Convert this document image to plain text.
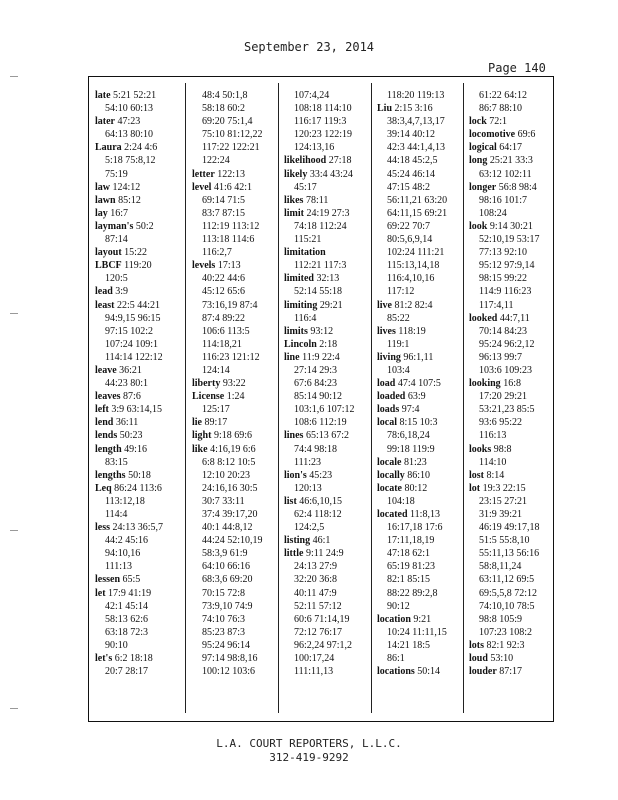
September 23, 2014
Page 140
late 5:21 52:21
54:10 60:13
later 47:23
64:13 80:10
Laura 2:24 4:6
5:18 75:8,12
75:19
law 124:12
lawn 85:12
lay 16:7
layman's 50:2
87:14
layout 15:22
LBCF 119:20
120:5
lead 3:9
least 22:5 44:21
94:9,15 96:15
97:15 102:2
107:24 109:1
114:14 122:12
leave 36:21
44:23 80:1
leaves 87:6
left 3:9 63:14,15
lend 36:11
lends 50:23
length 49:16
83:15
lengths 50:18
Leq 86:24 113:6
113:12,18
114:4
less 24:13 36:5,7
44:2 45:16
94:10,16
111:13
lessen 65:5
let 17:9 41:19
42:1 45:14
58:13 62:6
63:18 72:3
90:10
let's 6:2 18:18
20:7 28:17
48:4 50:1,8
58:18 60:2
69:20 75:1,4
75:10 81:12,22
117:22 122:21
122:24
letter 122:13
level 41:6 42:1
69:14 71:5
83:7 87:15
112:19 113:12
113:18 114:6
116:2,7
levels 17:13
40:22 44:6
45:12 65:6
73:16,19 87:4
87:4 89:22
106:6 113:5
114:18,21
116:23 121:12
124:14
liberty 93:22
License 1:24
125:17
lie 89:17
light 9:18 69:6
like 4:16,19 6:6
6:8 8:12 10:5
12:10 20:23
24:16,16 30:5
30:7 33:11
37:4 39:17,20
40:1 44:8,12
44:24 52:10,19
58:3,9 61:9
64:10 66:16
68:3,6 69:20
70:15 72:8
73:9,10 74:9
74:10 76:3
85:23 87:3
95:24 96:14
97:14 98:8,16
100:12 103:6
107:4,24
108:18 114:10
116:17 119:3
120:23 122:19
124:13,16
likelihood 27:18
likely 33:4 43:24
45:17
likes 78:11
limit 24:19 27:3
74:18 112:24
115:21
limitation
112:21 117:3
limited 32:13
52:14 55:18
limiting 29:21
116:4
limits 93:12
Lincoln 2:18
line 11:9 22:4
27:14 29:3
67:6 84:23
85:14 90:12
103:1,6 107:12
108:6 112:19
lines 65:13 67:2
74:4 98:18
111:23
lion's 45:23
120:13
list 46:6,10,15
62:4 118:12
124:2,5
listing 46:1
little 9:11 24:9
24:13 27:9
32:20 36:8
40:11 47:9
52:11 57:12
60:6 71:14,19
72:12 76:17
96:2,24 97:1,2
100:17,24
111:11,13
118:20 119:13
Liu 2:15 3:16
38:3,4,7,13,17
39:14 40:12
42:3 44:1,4,13
44:18 45:2,5
45:24 46:14
47:15 48:2
56:11,21 63:20
64:11,15 69:21
69:22 70:7
80:5,6,9,14
102:24 111:21
115:13,14,18
116:4,10,16
117:12
live 81:2 82:4
85:22
lives 118:19
119:1
living 96:1,11
103:4
load 47:4 107:5
loaded 63:9
loads 97:4
local 8:15 10:3
78:6,18,24
99:18 119:9
locale 81:23
locally 86:10
locate 80:12
104:18
located 11:8,13
16:17,18 17:6
17:11,18,19
47:18 62:1
65:19 81:23
82:1 85:15
88:22 89:2,8
90:12
location 9:21
10:24 11:11,15
14:21 18:5
86:1
locations 50:14
61:22 64:12
86:7 88:10
lock 72:1
locomotive 69:6
logical 64:17
long 25:21 33:3
63:12 102:11
longer 56:8 98:4
98:16 101:7
108:24
look 9:14 30:21
52:10,19 53:17
77:13 92:10
95:12 97:9,14
98:15 99:22
114:9 116:23
117:4,11
looked 44:7,11
70:14 84:23
95:24 96:2,12
96:13 99:7
103:6 109:23
looking 16:8
17:20 29:21
53:21,23 85:5
93:6 95:22
116:13
looks 98:8
114:10
lost 8:14
lot 19:3 22:15
23:15 27:21
31:9 39:21
46:19 49:17,18
51:5 55:8,10
55:11,13 56:16
58:8,11,24
63:11,12 69:5
69:5,5,8 72:12
74:10,10 78:5
98:8 105:9
107:23 108:2
lots 82:1 92:3
loud 53:10
louder 87:17
L.A. COURT REPORTERS, L.L.C.
312-419-9292
